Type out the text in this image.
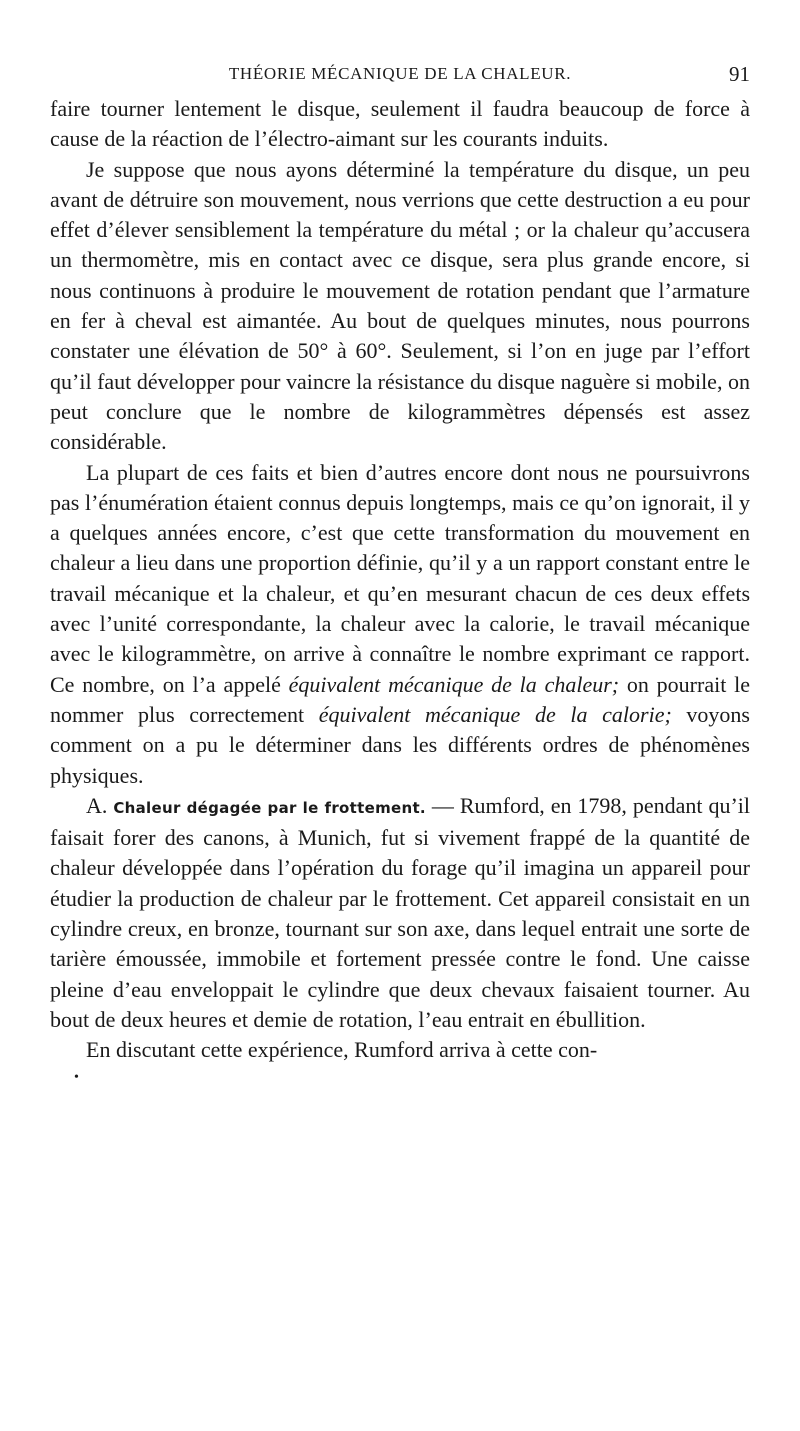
THÉORIE MÉCANIQUE DE LA CHALEUR.	91

faire tourner lentement le disque, seulement il faudra beaucoup de force à cause de la réaction de l’électro-aimant sur les courants induits.

Je suppose que nous ayons déterminé la température du disque, un peu avant de détruire son mouvement, nous verrions que cette destruction a eu pour effet d’élever sensiblement la température du métal ; or la chaleur qu’accusera un thermomètre, mis en contact avec ce disque, sera plus grande encore, si nous continuons à produire le mouvement de rotation pendant que l’armature en fer à cheval est aimantée. Au bout de quelques minutes, nous pourrons constater une élévation de 50° à 60°. Seulement, si l’on en juge par l’effort qu’il faut développer pour vaincre la résistance du disque naguère si mobile, on peut conclure que le nombre de kilogrammètres dépensés est assez considérable.

La plupart de ces faits et bien d’autres encore dont nous ne poursuivrons pas l’énumération étaient connus depuis longtemps, mais ce qu’on ignorait, il y a quelques années encore, c’est que cette transformation du mouvement en chaleur a lieu dans une proportion définie, qu’il y a un rapport constant entre le travail mécanique et la chaleur, et qu’en mesurant chacun de ces deux effets avec l’unité correspondante, la chaleur avec la calorie, le travail mécanique avec le kilogrammètre, on arrive à connaître le nombre exprimant ce rapport. Ce nombre, on l’a appelé équivalent mécanique de la chaleur; on pourrait le nommer plus correctement équivalent mécanique de la calorie; voyons comment on a pu le déterminer dans les différents ordres de phénomènes physiques.

A. Chaleur dégagée par le frottement. — Rumford, en 1798, pendant qu’il faisait forer des canons, à Munich, fut si vivement frappé de la quantité de chaleur développée dans l’opération du forage qu’il imagina un appareil pour étudier la production de chaleur par le frottement. Cet appareil consistait en un cylindre creux, en bronze, tournant sur son axe, dans lequel entrait une sorte de tarière émoussée, immobile et fortement pressée contre le fond. Une caisse pleine d’eau enveloppait le cylindre que deux chevaux faisaient tourner. Au bout de deux heures et demie de rotation, l’eau entrait en ébullition.
•

En discutant cette expérience, Rumford arriva à cette con-
